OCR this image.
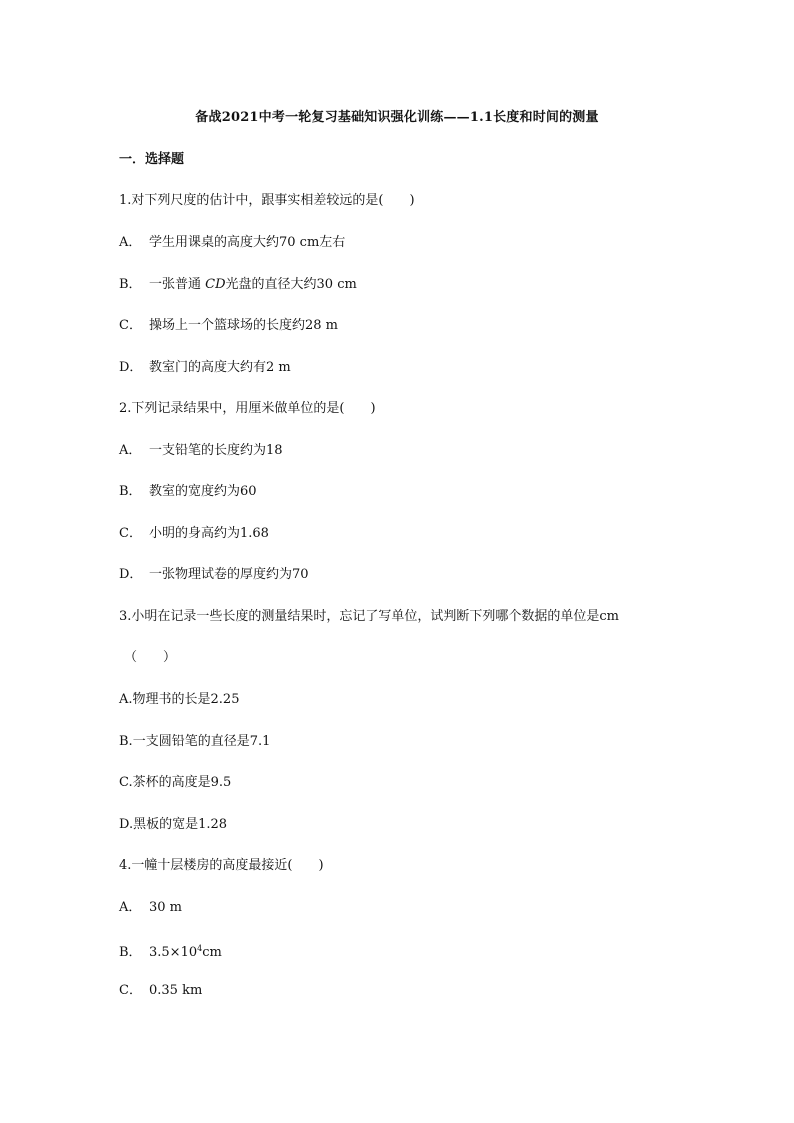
备战2021中考一轮复习基础知识强化训练——1.1长度和时间的测量
一．选择题
1.对下列尺度的估计中，跟事实相差较远的是(　　)
A． 学生用课桌的高度大约70 cm左右
B． 一张普通 CD光盘的直径大约30 cm
C． 操场上一个篮球场的长度约28 m
D． 教室门的高度大约有2 m
2.下列记录结果中，用厘米做单位的是(　　)
A． 一支铅笔的长度约为18
B． 教室的宽度约为60
C． 小明的身高约为1.68
D． 一张物理试卷的厚度约为70
3.小明在记录一些长度的测量结果时，忘记了写单位，试判断下列哪个数据的单位是cm
（　　）
A.物理书的长是2.25
B.一支圆铅笔的直径是7.1
C.茶杯的高度是9.5
D.黑板的宽是1.28
4.一幢十层楼房的高度最接近(　　)
A． 30 m
B． $3.5\times 10^4cm$
C． 0.35 km
